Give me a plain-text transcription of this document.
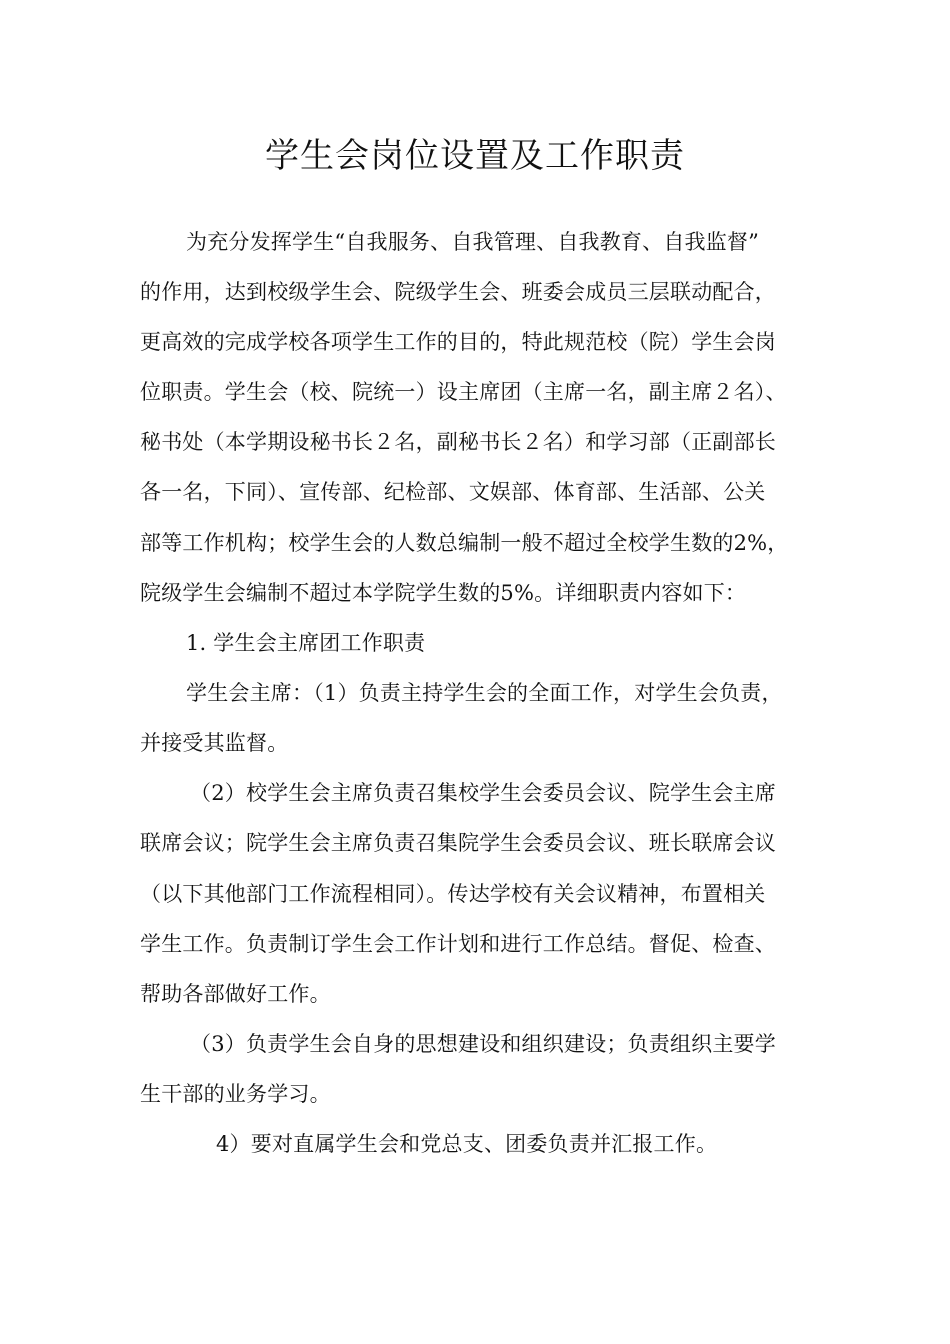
学生会岗位设置及工作职责
为充分发挥学生“自我服务、自我管理、自我教育、自我监督”
的作用，达到校级学生会、院级学生会、班委会成员三层联动配合，
更高效的完成学校各项学生工作的目的，特此规范校（院）学生会岗
位职责。学生会（校、院统一）设主席团（主席一名，副主席２名）、
秘书处（本学期设秘书长２名，副秘书长２名）和学习部（正副部长
各一名，下同）、宣传部、纪检部、文娱部、体育部、生活部、公关
部等工作机构；校学生会的人数总编制一般不超过全校学生数的2%，
院级学生会编制不超过本学院学生数的5%。详细职责内容如下：
1. 学生会主席团工作职责
学生会主席：（1）负责主持学生会的全面工作，对学生会负责，
并接受其监督。
（2）校学生会主席负责召集校学生会委员会议、院学生会主席
联席会议；院学生会主席负责召集院学生会委员会议、班长联席会议
（以下其他部门工作流程相同）。传达学校有关会议精神，布置相关
学生工作。负责制订学生会工作计划和进行工作总结。督促、检查、
帮助各部做好工作。
（3）负责学生会自身的思想建设和组织建设；负责组织主要学
生干部的业务学习。
4）要对直属学生会和党总支、团委负责并汇报工作。
